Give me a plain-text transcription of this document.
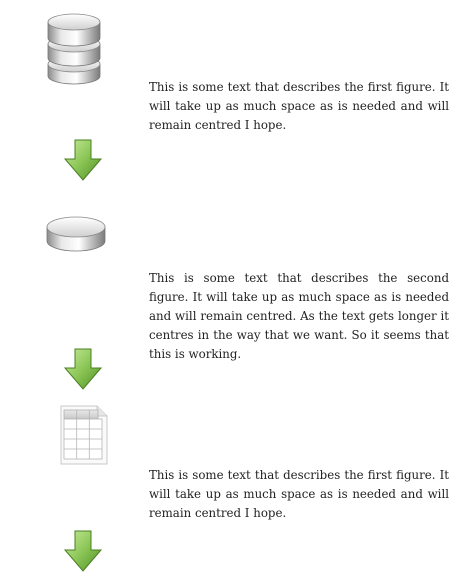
This is some text that describes the first figure. It will take up as much space as is needed and will remain centred I hope.

This is some text that describes the second figure. It will take up as much space as is needed and will remain centred. As the text gets longer it centres in the way that we want. So it seems that this is working.

This is some text that describes the first figure. It will take up as much space as is needed and will remain centred I hope.
